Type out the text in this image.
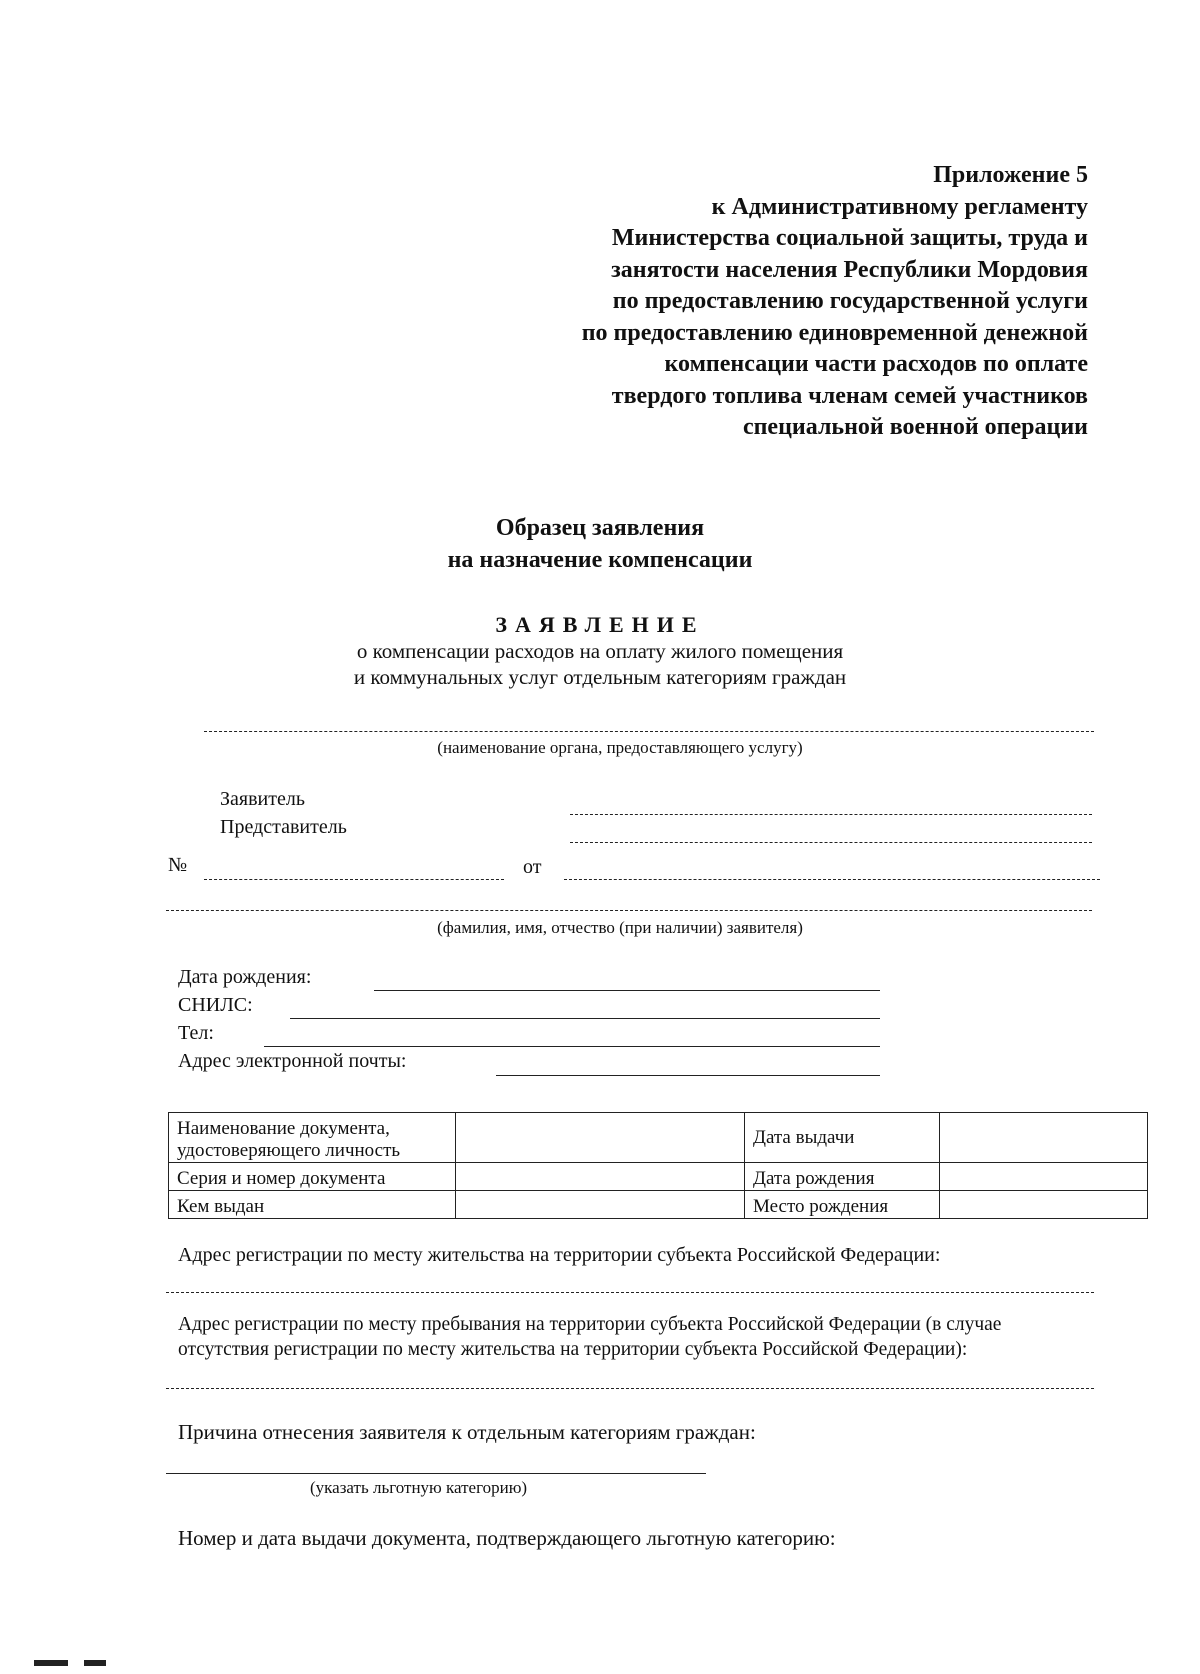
Приложение 5
к Административному регламенту
Министерства социальной защиты, труда и
занятости населения Республики Мордовия
по предоставлению государственной услуги
по предоставлению единовременной денежной
компенсации части расходов по оплате
твердого топлива членам семей участников
специальной военной операции
Образец заявления
на назначение компенсации
ЗАЯВЛЕНИЕ
о компенсации расходов на оплату жилого помещения
и коммунальных услуг отдельным категориям граждан
(наименование органа, предоставляющего услугу)
Заявитель
Представитель
№	от
(фамилия, имя, отчество (при наличии) заявителя)
Дата рождения:
СНИЛС:
Тел:
Адрес электронной почты:
Наименование документа, удостоверяющего личность		Дата выдачи	
Серия и номер документа		Дата рождения	
Кем выдан		Место рождения	
Адрес регистрации по месту жительства на территории субъекта Российской Федерации:
Адрес регистрации по месту пребывания на территории субъекта Российской Федерации (в случае
отсутствия регистрации по месту жительства на территории субъекта Российской Федерации):
Причина отнесения заявителя к отдельным категориям граждан:
(указать льготную категорию)
Номер и дата выдачи документа, подтверждающего льготную категорию:
